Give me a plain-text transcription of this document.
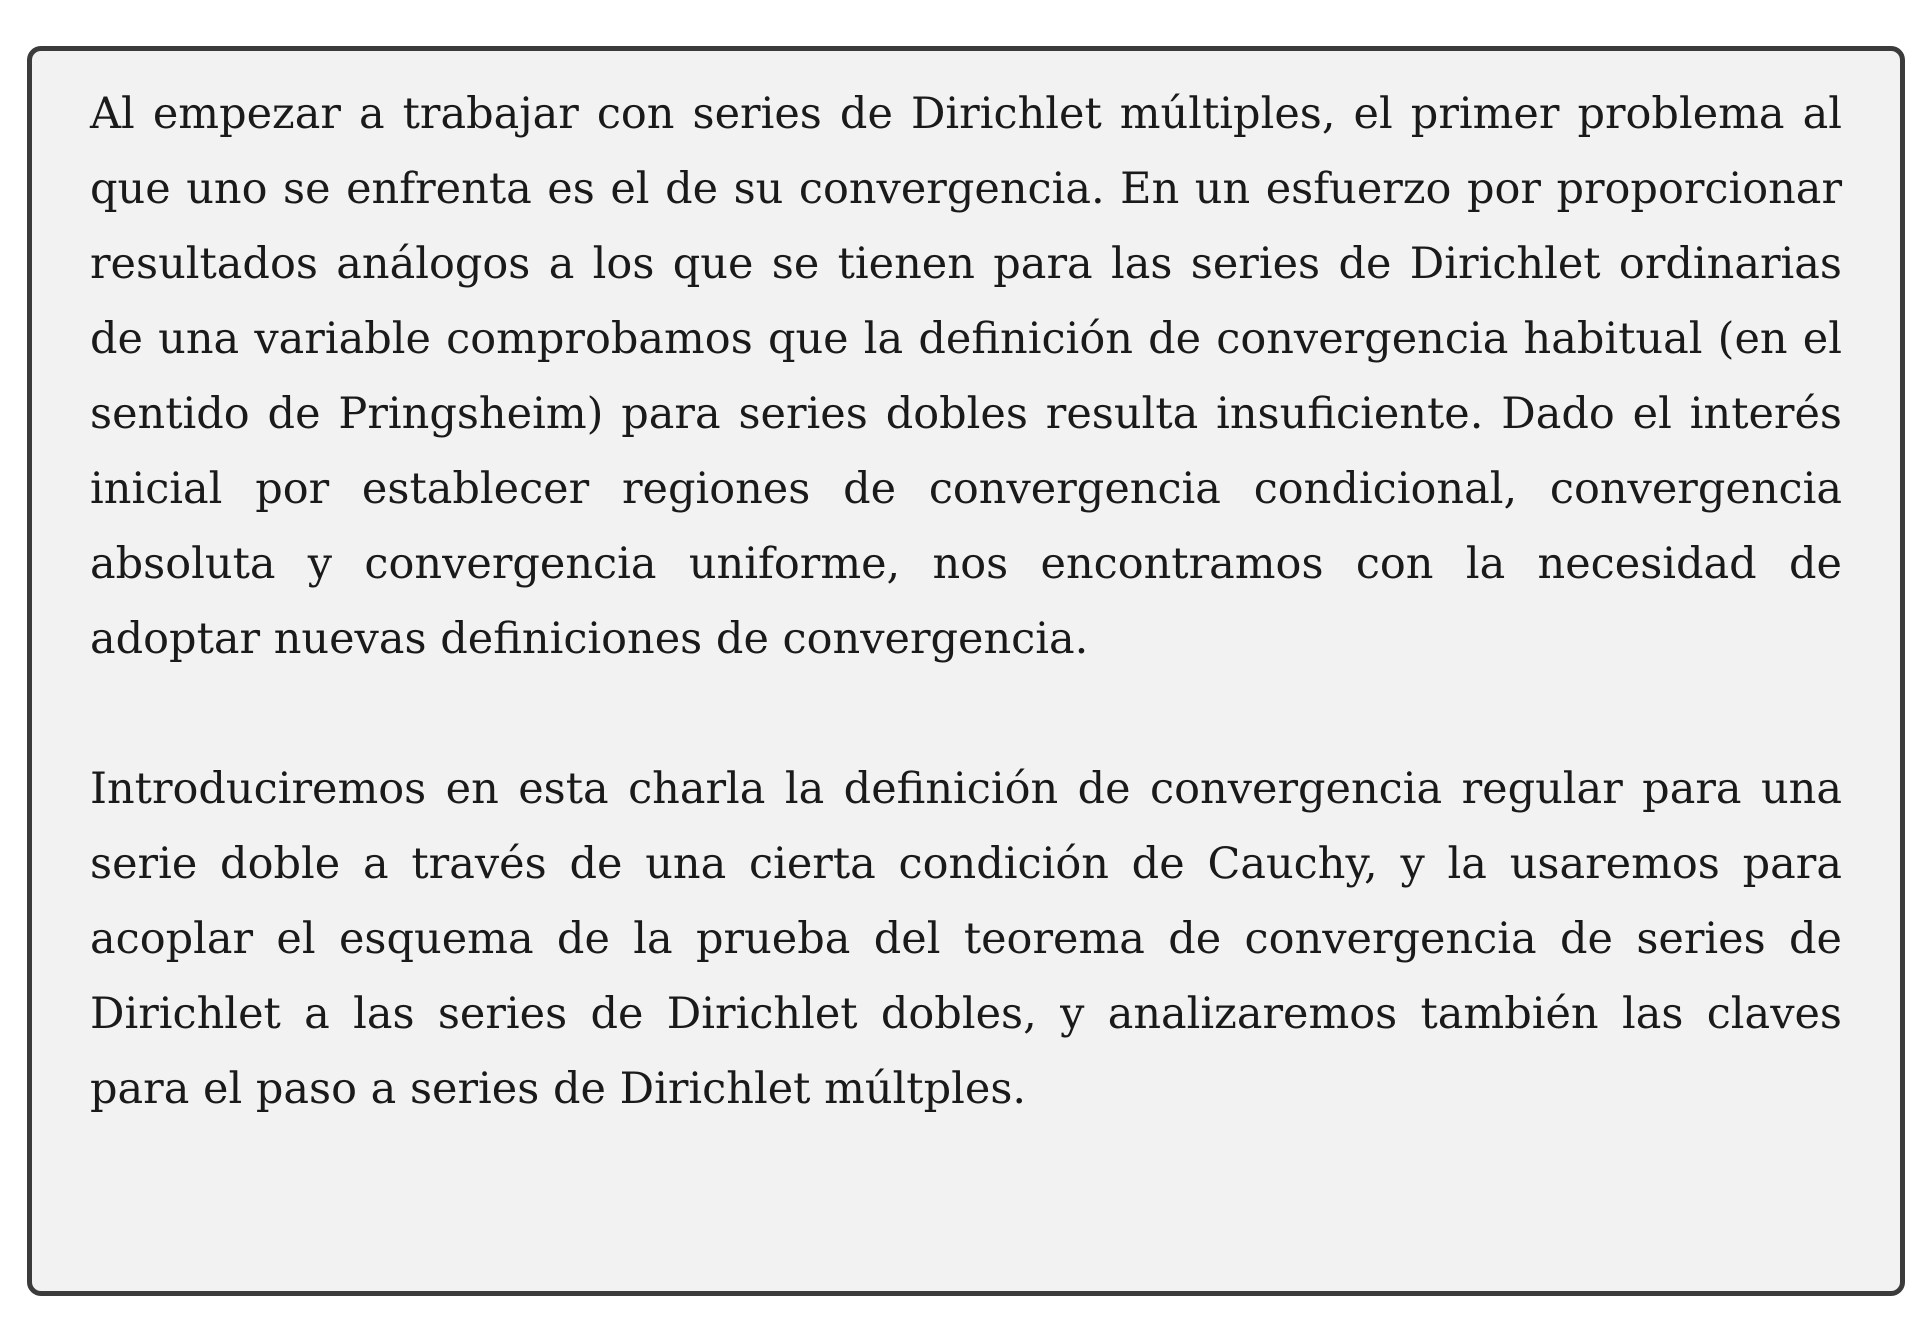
Al empezar a trabajar con series de Dirichlet múltiples, el primer problema al que uno se enfrenta es el de su convergencia. En un esfuerzo por proporcionar resultados análogos a los que se tienen para las series de Dirichlet ordinarias de una variable comprobamos que la definición de convergencia habitual (en el sentido de Pringsheim) para series dobles resulta insuficiente. Dado el interés inicial por establecer regiones de convergencia condicional, convergencia absoluta y convergencia uniforme, nos encontramos con la necesidad de adoptar nuevas definiciones de convergencia.

Introduciremos en esta charla la definición de convergencia regular para una serie doble a través de una cierta condición de Cauchy, y la usaremos para acoplar el esquema de la prueba del teorema de convergencia de series de Dirichlet a las series de Dirichlet dobles, y analizaremos también las claves para el paso a series de Dirichlet múltples.
